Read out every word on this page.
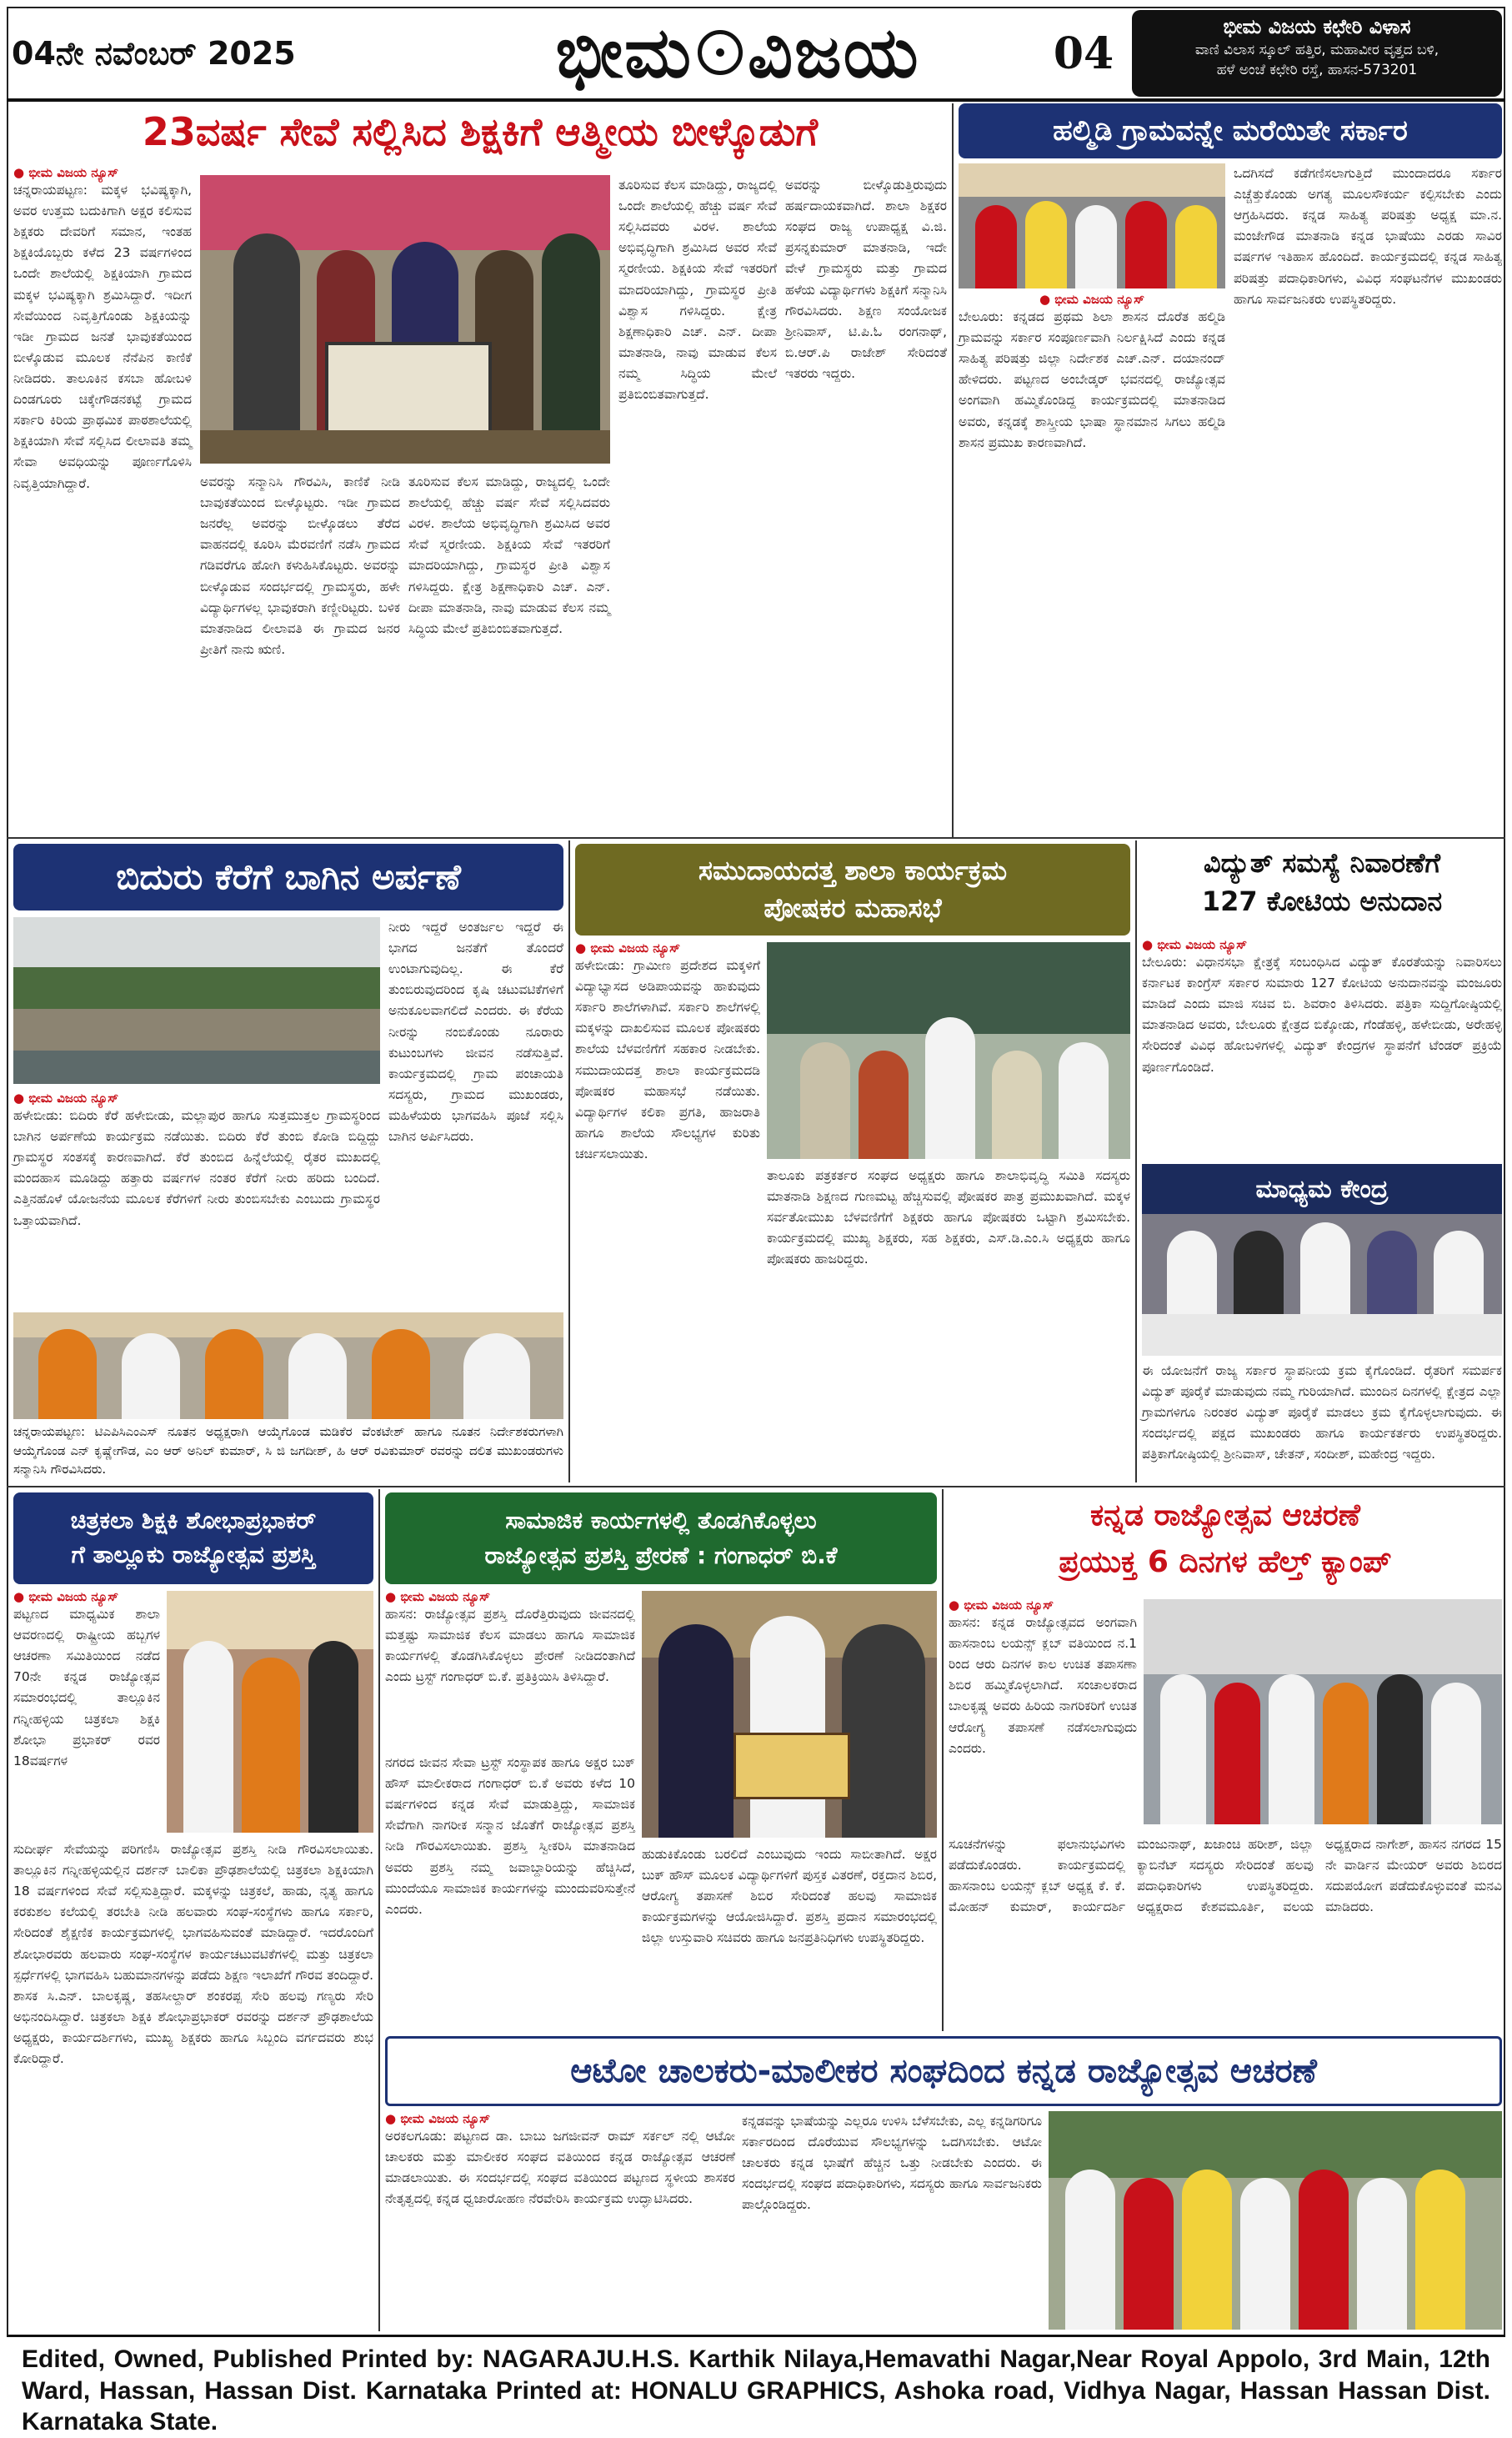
04ನೇ ನವೆಂಬರ್ 2025	ಭೀಮ ವಿಜಯ	04
ಭೀಮ ವಿಜಯ ಕಛೇರಿ ವಿಳಾಸ
ವಾಣಿ ವಿಲಾಸ ಸ್ಕೂಲ್ ಹತ್ತಿರ, ಮಹಾವೀರ ವೃತ್ತದ ಬಳಿ,
ಹಳೆ ಅಂಚೆ ಕಛೇರಿ ರಸ್ತೆ, ಹಾಸನ-573201
23ವರ್ಷ ಸೇವೆ ಸಲ್ಲಿಸಿದ ಶಿಕ್ಷಕಿಗೆ ಆತ್ಮೀಯ ಬೀಳ್ಕೊಡುಗೆ
● ಭೀಮ ವಿಜಯ ನ್ಯೂಸ್
ಚನ್ನರಾಯಪಟ್ಟಣ: ಮಕ್ಕಳ ಭವಿಷ್ಯಕ್ಕಾಗಿ, ಅವರ ಉತ್ತಮ ಬದುಕಿಗಾಗಿ ಅಕ್ಷರ ಕಲಿಸುವ ಶಿಕ್ಷಕರು ದೇವರಿಗೆ ಸಮಾನ, ಇಂತಹ ಶಿಕ್ಷಕಿಯೊಬ್ಬರು ಕಳೆದ 23 ವರ್ಷಗಳಿಂದ ಒಂದೇ ಶಾಲೆಯಲ್ಲಿ ಶಿಕ್ಷಕಿಯಾಗಿ ಗ್ರಾಮದ ಮಕ್ಕಳ ಭವಿಷ್ಯಕ್ಕಾಗಿ ಶ್ರಮಿಸಿದ್ದಾರೆ. ಇದೀಗ ಸೇವೆಯಿಂದ ನಿವೃತ್ತಿಗೊಂಡು ಶಿಕ್ಷಕಿಯನ್ನು ಇಡೀ ಗ್ರಾಮದ ಜನತೆ ಭಾವುಕತೆಯಿಂದ ಬೀಳ್ಕೊಡುವ ಮೂಲಕ ನೆನೆಪಿನ ಕಾಣಿಕೆ ನೀಡಿದರು. ತಾಲೂಕಿನ ಕಸಬಾ ಹೋಬಳಿ ದಿಂಡಗೂರು ಚಿಕ್ಕೇಗೌಡನಕಟ್ಟೆ ಗ್ರಾಮದ ಸರ್ಕಾರಿ ಕಿರಿಯ ಪ್ರಾಥಮಿಕ ಪಾಠಶಾಲೆಯಲ್ಲಿ ಶಿಕ್ಷಕಿಯಾಗಿ ಸೇವೆ ಸಲ್ಲಿಸಿದ ಲೀಲಾವತಿ ತಮ್ಮ ಸೇವಾ ಅವಧಿಯನ್ನು ಪೂರ್ಣಗೊಳಿಸಿ ನಿವೃತ್ತಿಯಾಗಿದ್ದಾರೆ.	ಅವರನ್ನು ಸನ್ಮಾನಿಸಿ ಗೌರವಿಸಿ, ಕಾಣಿಕೆ ನೀಡಿ ಬಾವುಕತೆಯಿಂದ ಬೀಳ್ಕೊಟ್ಟರು. ಇಡೀ ಗ್ರಾಮದ ಜನರೆಲ್ಲ ಅವರನ್ನು ಬೀಳ್ಕೊಡಲು ತೆರೆದ ವಾಹನದಲ್ಲಿ ಕೂರಿಸಿ ಮೆರವಣಿಗೆ ನಡೆಸಿ ಗ್ರಾಮದ ಗಡಿವರೆಗೂ ಹೋಗಿ ಕಳುಹಿಸಿಕೊಟ್ಟರು. ಅವರನ್ನು ಬೀಳ್ಕೊಡುವ ಸಂದರ್ಭದಲ್ಲಿ ಗ್ರಾಮಸ್ಥರು, ಹಳೇ ವಿದ್ಯಾರ್ಥಿಗಳಲ್ಲ ಭಾವುಕರಾಗಿ ಕಣ್ಣೀರಿಟ್ಟರು. ಬಳಿಕ ಮಾತನಾಡಿದ ಲೀಲಾವತಿ ಈ ಗ್ರಾಮದ ಜನರ ಪ್ರೀತಿಗೆ ನಾನು ಋಣಿ.
ತೂರಿಸುವ ಕೆಲಸ ಮಾಡಿದ್ದು, ರಾಜ್ಯದಲ್ಲಿ ಒಂದೇ ಶಾಲೆಯಲ್ಲಿ ಹೆಚ್ಚು ವರ್ಷ ಸೇವೆ ಸಲ್ಲಿಸಿದವರು ವಿರಳ. ಶಾಲೆಯ ಅಭಿವೃದ್ಧಿಗಾಗಿ ಶ್ರಮಿಸಿದ ಅವರ ಸೇವೆ ಸ್ಮರಣೀಯ. ಶಿಕ್ಷಕಿಯ ಸೇವೆ ಇತರರಿಗೆ ಮಾದರಿಯಾಗಿದ್ದು, ಗ್ರಾಮಸ್ಥರ ಪ್ರೀತಿ ವಿಶ್ವಾಸ ಗಳಿಸಿದ್ದರು. ಕ್ಷೇತ್ರ ಶಿಕ್ಷಣಾಧಿಕಾರಿ ಎಚ್. ಎನ್. ದೀಪಾ ಮಾತನಾಡಿ, ನಾವು ಮಾಡುವ ಕೆಲಸ ನಮ್ಮ ಸಿದ್ಧಿಯ ಮೇಲೆ ಪ್ರತಿಬಿಂಬಿತವಾಗುತ್ತದೆ.
ತೂರಿಸುವ ಕೆಲಸ ಮಾಡಿದ್ದು, ರಾಜ್ಯದಲ್ಲಿ ಒಂದೇ ಶಾಲೆಯಲ್ಲಿ ಹೆಚ್ಚು ವರ್ಷ ಸೇವೆ ಸಲ್ಲಿಸಿದವರು ವಿರಳ. ಶಾಲೆಯ ಅಭಿವೃದ್ಧಿಗಾಗಿ ಶ್ರಮಿಸಿದ ಅವರ ಸೇವೆ ಸ್ಮರಣೀಯ. ಶಿಕ್ಷಕಿಯ ಸೇವೆ ಇತರರಿಗೆ ಮಾದರಿಯಾಗಿದ್ದು, ಗ್ರಾಮಸ್ಥರ ಪ್ರೀತಿ ವಿಶ್ವಾಸ ಗಳಿಸಿದ್ದರು. ಕ್ಷೇತ್ರ ಶಿಕ್ಷಣಾಧಿಕಾರಿ ಎಚ್. ಎನ್. ದೀಪಾ ಮಾತನಾಡಿ, ನಾವು ಮಾಡುವ ಕೆಲಸ ನಮ್ಮ ಸಿದ್ಧಿಯ ಮೇಲೆ ಪ್ರತಿಬಿಂಬಿತವಾಗುತ್ತದೆ.
ಅವರನ್ನು ಬೀಳ್ಕೊಡುತ್ತಿರುವುದು ಹರ್ಷದಾಯಕವಾಗಿದೆ. ಶಾಲಾ ಶಿಕ್ಷಕರ ಸಂಘದ ರಾಜ್ಯ ಉಪಾಧ್ಯಕ್ಷ ವಿ.ಜಿ. ಪ್ರಸನ್ನಕುಮಾರ್ ಮಾತನಾಡಿ, ಇದೇ ವೇಳೆ ಗ್ರಾಮಸ್ಥರು ಮತ್ತು ಗ್ರಾಮದ ಹಳೆಯ ವಿದ್ಯಾರ್ಥಿಗಳು ಶಿಕ್ಷಕಿಗೆ ಸನ್ಮಾನಿಸಿ ಗೌರವಿಸಿದರು. ಶಿಕ್ಷಣ ಸಂಯೋಜಕ ಶ್ರೀನಿವಾಸ್, ಟಿ.ಪಿ.ಓ ರಂಗನಾಥ್, ಬಿ.ಆರ್.ಪಿ ರಾಜೇಶ್ ಸೇರಿದಂತೆ ಇತರರು ಇದ್ದರು.
ಹಲ್ಮಿಡಿ ಗ್ರಾಮವನ್ನೇ ಮರೆಯಿತೇ ಸರ್ಕಾರ
● ಭೀಮ ವಿಜಯ ನ್ಯೂಸ್
ಬೇಲೂರು: ಕನ್ನಡದ ಪ್ರಥಮ ಶಿಲಾ ಶಾಸನ ದೊರೆತ ಹಲ್ಮಿಡಿ ಗ್ರಾಮವನ್ನು ಸರ್ಕಾರ ಸಂಪೂರ್ಣವಾಗಿ ನಿರ್ಲಕ್ಷಿಸಿದೆ ಎಂದು ಕನ್ನಡ ಸಾಹಿತ್ಯ ಪರಿಷತ್ತು ಜಿಲ್ಲಾ ನಿರ್ದೇಶಕ ಎಚ್.ಎನ್. ದಯಾನಂದ್ ಹೇಳಿದರು. ಪಟ್ಟಣದ ಅಂಬೇಡ್ಕರ್ ಭವನದಲ್ಲಿ ರಾಜ್ಯೋತ್ಸವ ಅಂಗವಾಗಿ ಹಮ್ಮಿಕೊಂಡಿದ್ದ ಕಾರ್ಯಕ್ರಮದಲ್ಲಿ ಮಾತನಾಡಿದ ಅವರು, ಕನ್ನಡಕ್ಕೆ ಶಾಸ್ತ್ರೀಯ ಭಾಷಾ ಸ್ಥಾನಮಾನ ಸಿಗಲು ಹಲ್ಮಿಡಿ ಶಾಸನ ಪ್ರಮುಖ ಕಾರಣವಾಗಿದೆ.
ಒದಗಿಸದೆ ಕಡೆಗಣಿಸಲಾಗುತ್ತಿದೆ ಮುಂದಾದರೂ ಸರ್ಕಾರ ಎಚ್ಚೆತ್ತುಕೊಂಡು ಅಗತ್ಯ ಮೂಲಸೌಕರ್ಯ ಕಲ್ಪಿಸಬೇಕು ಎಂದು ಆಗ್ರಹಿಸಿದರು. ಕನ್ನಡ ಸಾಹಿತ್ಯ ಪರಿಷತ್ತು ಅಧ್ಯಕ್ಷ ಮಾ.ನ. ಮಂಜೇಗೌಡ ಮಾತನಾಡಿ ಕನ್ನಡ ಭಾಷೆಯು ಎರಡು ಸಾವಿರ ವರ್ಷಗಳ ಇತಿಹಾಸ ಹೊಂದಿದೆ. ಕಾರ್ಯಕ್ರಮದಲ್ಲಿ ಕನ್ನಡ ಸಾಹಿತ್ಯ ಪರಿಷತ್ತು ಪದಾಧಿಕಾರಿಗಳು, ವಿವಿಧ ಸಂಘಟನೆಗಳ ಮುಖಂಡರು ಹಾಗೂ ಸಾರ್ವಜನಿಕರು ಉಪಸ್ಥಿತರಿದ್ದರು.
ಬಿದುರು ಕೆರೆಗೆ ಬಾಗಿನ ಅರ್ಪಣೆ
● ಭೀಮ ವಿಜಯ ನ್ಯೂಸ್
ಹಳೇಬೀಡು: ಬಿದಿರು ಕೆರೆ ಹಳೇಬೀಡು, ಮಲ್ಲಾಪುರ ಹಾಗೂ ಸುತ್ತಮುತ್ತಲ ಗ್ರಾಮಸ್ಥರಿಂದ ಬಾಗಿನ ಅರ್ಪಣೆಯ ಕಾರ್ಯಕ್ರಮ ನಡೆಯಿತು. ಬಿದಿರು ಕೆರೆ ತುಂಬಿ ಕೋಡಿ ಬಿದ್ದಿದ್ದು ಗ್ರಾಮಸ್ಥರ ಸಂತಸಕ್ಕೆ ಕಾರಣವಾಗಿದೆ. ಕೆರೆ ತುಂಬಿದ ಹಿನ್ನೆಲೆಯಲ್ಲಿ ರೈತರ ಮುಖದಲ್ಲಿ ಮಂದಹಾಸ ಮೂಡಿದ್ದು ಹತ್ತಾರು ವರ್ಷಗಳ ನಂತರ ಕೆರೆಗೆ ನೀರು ಹರಿದು ಬಂದಿದೆ. ಎತ್ತಿನಹೊಳೆ ಯೋಜನೆಯ ಮೂಲಕ ಕೆರೆಗಳಿಗೆ ನೀರು ತುಂಬಿಸಬೇಕು ಎಂಬುದು ಗ್ರಾಮಸ್ಥರ ಒತ್ತಾಯವಾಗಿದೆ.
ನೀರು ಇದ್ದರೆ ಅಂತರ್ಜಲ ಇದ್ದರೆ ಈ ಭಾಗದ ಜನತೆಗೆ ತೊಂದರೆ ಉಂಟಾಗುವುದಿಲ್ಲ. ಈ ಕೆರೆ ತುಂಬಿರುವುದರಿಂದ ಕೃಷಿ ಚಟುವಟಿಕೆಗಳಿಗೆ ಅನುಕೂಲವಾಗಲಿದೆ ಎಂದರು. ಈ ಕೆರೆಯ ನೀರನ್ನು ನಂಬಿಕೊಂಡು ನೂರಾರು ಕುಟುಂಬಗಳು ಜೀವನ ನಡೆಸುತ್ತಿವೆ. ಕಾರ್ಯಕ್ರಮದಲ್ಲಿ ಗ್ರಾಮ ಪಂಚಾಯತಿ ಸದಸ್ಯರು, ಗ್ರಾಮದ ಮುಖಂಡರು, ಮಹಿಳೆಯರು ಭಾಗವಹಿಸಿ ಪೂಜೆ ಸಲ್ಲಿಸಿ ಬಾಗಿನ ಅರ್ಪಿಸಿದರು.
ಚನ್ನರಾಯಪಟ್ಟಣ: ಟಿಎಪಿಸಿಎಂಎಸ್ ನೂತನ ಅಧ್ಯಕ್ಷರಾಗಿ ಆಯ್ಕೆಗೊಂಡ ಮಡಿಕೆರ ವೆಂಕಟೇಶ್ ಹಾಗೂ ನೂತನ ನಿರ್ದೇಶಕರುಗಳಾಗಿ ಆಯ್ಕೆಗೊಂಡ ಎನ್ ಕೃಷ್ಣೇಗೌಡ, ಎಂ ಆರ್ ಅನಿಲ್ ಕುಮಾರ್, ಸಿ ಜಿ ಜಗದೀಶ್, ಹಿ ಆರ್ ರವಿಕುಮಾರ್ ರವರನ್ನು ದಲಿತ ಮುಖಂಡರುಗಳು ಸನ್ಮಾನಿಸಿ ಗೌರವಿಸಿದರು.
ಸಮುದಾಯದತ್ತ ಶಾಲಾ ಕಾರ್ಯಕ್ರಮ
ಪೋಷಕರ ಮಹಾಸಭೆ
● ಭೀಮ ವಿಜಯ ನ್ಯೂಸ್
ಹಳೇಬೀಡು: ಗ್ರಾಮೀಣ ಪ್ರದೇಶದ ಮಕ್ಕಳಿಗೆ ವಿದ್ಯಾಭ್ಯಾಸದ ಅಡಿಪಾಯವನ್ನು ಹಾಕುವುದು ಸರ್ಕಾರಿ ಶಾಲೆಗಳಾಗಿವೆ. ಸರ್ಕಾರಿ ಶಾಲೆಗಳಲ್ಲಿ ಮಕ್ಕಳನ್ನು ದಾಖಲಿಸುವ ಮೂಲಕ ಪೋಷಕರು ಶಾಲೆಯ ಬೆಳವಣಿಗೆಗೆ ಸಹಕಾರ ನೀಡಬೇಕು. ಸಮುದಾಯದತ್ತ ಶಾಲಾ ಕಾರ್ಯಕ್ರಮದಡಿ ಪೋಷಕರ ಮಹಾಸಭೆ ನಡೆಯಿತು. ವಿದ್ಯಾರ್ಥಿಗಳ ಕಲಿಕಾ ಪ್ರಗತಿ, ಹಾಜರಾತಿ ಹಾಗೂ ಶಾಲೆಯ ಸೌಲಭ್ಯಗಳ ಕುರಿತು ಚರ್ಚಿಸಲಾಯಿತು.
ತಾಲೂಕು ಪತ್ರಕರ್ತರ ಸಂಘದ ಅಧ್ಯಕ್ಷರು ಹಾಗೂ ಶಾಲಾಭಿವೃದ್ಧಿ ಸಮಿತಿ ಸದಸ್ಯರು ಮಾತನಾಡಿ ಶಿಕ್ಷಣದ ಗುಣಮಟ್ಟ ಹೆಚ್ಚಿಸುವಲ್ಲಿ ಪೋಷಕರ ಪಾತ್ರ ಪ್ರಮುಖವಾಗಿದೆ. ಮಕ್ಕಳ ಸರ್ವತೋಮುಖ ಬೆಳವಣಿಗೆಗೆ ಶಿಕ್ಷಕರು ಹಾಗೂ ಪೋಷಕರು ಒಟ್ಟಾಗಿ ಶ್ರಮಿಸಬೇಕು. ಕಾರ್ಯಕ್ರಮದಲ್ಲಿ ಮುಖ್ಯ ಶಿಕ್ಷಕರು, ಸಹ ಶಿಕ್ಷಕರು, ಎಸ್.ಡಿ.ಎಂ.ಸಿ ಅಧ್ಯಕ್ಷರು ಹಾಗೂ ಪೋಷಕರು ಹಾಜರಿದ್ದರು.
ವಿದ್ಯುತ್ ಸಮಸ್ಯೆ ನಿವಾರಣೆಗೆ
127 ಕೋಟಿಯ ಅನುದಾನ
● ಭೀಮ ವಿಜಯ ನ್ಯೂಸ್
ಬೇಲೂರು: ವಿಧಾನಸಭಾ ಕ್ಷೇತ್ರಕ್ಕೆ ಸಂಬಂಧಿಸಿದ ವಿದ್ಯುತ್ ಕೊರತೆಯನ್ನು ನಿವಾರಿಸಲು ಕರ್ನಾಟಕ ಕಾಂಗ್ರೆಸ್ ಸರ್ಕಾರ ಸುಮಾರು 127 ಕೋಟಿಯ ಅನುದಾನವನ್ನು ಮಂಜೂರು ಮಾಡಿದೆ ಎಂದು ಮಾಜಿ ಸಚಿವ ಬಿ. ಶಿವರಾಂ ತಿಳಿಸಿದರು. ಪತ್ರಿಕಾ ಸುದ್ದಿಗೋಷ್ಠಿಯಲ್ಲಿ ಮಾತನಾಡಿದ ಅವರು, ಬೇಲೂರು ಕ್ಷೇತ್ರದ ಬಿಕ್ಕೋಡು, ಗೆಂಡೆಹಳ್ಳಿ, ಹಳೇಬೀಡು, ಅರೇಹಳ್ಳಿ ಸೇರಿದಂತೆ ವಿವಿಧ ಹೋಬಳಿಗಳಲ್ಲಿ ವಿದ್ಯುತ್ ಕೇಂದ್ರಗಳ ಸ್ಥಾಪನೆಗೆ ಟೆಂಡರ್ ಪ್ರಕ್ರಿಯೆ ಪೂರ್ಣಗೊಂಡಿದೆ.
ಮಾಧ್ಯಮ ಕೇಂದ್ರ
ಈ ಯೋಜನೆಗೆ ರಾಜ್ಯ ಸರ್ಕಾರ ಸ್ಥಾಪನೀಯ ಕ್ರಮ ಕೈಗೊಂಡಿದೆ. ರೈತರಿಗೆ ಸಮರ್ಪಕ ವಿದ್ಯುತ್ ಪೂರೈಕೆ ಮಾಡುವುದು ನಮ್ಮ ಗುರಿಯಾಗಿದೆ. ಮುಂದಿನ ದಿನಗಳಲ್ಲಿ ಕ್ಷೇತ್ರದ ಎಲ್ಲಾ ಗ್ರಾಮಗಳಿಗೂ ನಿರಂತರ ವಿದ್ಯುತ್ ಪೂರೈಕೆ ಮಾಡಲು ಕ್ರಮ ಕೈಗೊಳ್ಳಲಾಗುವುದು. ಈ ಸಂದರ್ಭದಲ್ಲಿ ಪಕ್ಷದ ಮುಖಂಡರು ಹಾಗೂ ಕಾರ್ಯಕರ್ತರು ಉಪಸ್ಥಿತರಿದ್ದರು. ಪತ್ರಿಕಾಗೋಷ್ಠಿಯಲ್ಲಿ ಶ್ರೀನಿವಾಸ್, ಚೇತನ್, ಸಂದೀಶ್, ಮಹೇಂದ್ರ ಇದ್ದರು.
ಚಿತ್ರಕಲಾ ಶಿಕ್ಷಕಿ ಶೋಭಾಪ್ರಭಾಕರ್
ಗೆ ತಾಲ್ಲೂಕು ರಾಜ್ಯೋತ್ಸವ ಪ್ರಶಸ್ತಿ
● ಭೀಮ ವಿಜಯ ನ್ಯೂಸ್
ಪಟ್ಟಣದ ಮಾಧ್ಯಮಿಕ ಶಾಲಾ ಆವರಣದಲ್ಲಿ ರಾಷ್ಟ್ರೀಯ ಹಬ್ಬಗಳ ಆಚರಣಾ ಸಮಿತಿಯಿಂದ ನಡೆದ 70ನೇ ಕನ್ನಡ ರಾಜ್ಯೋತ್ಸವ ಸಮಾರಂಭದಲ್ಲಿ ತಾಲ್ಲೂಕಿನ ಗನ್ನೀಹಳ್ಳಿಯ ಚಿತ್ರಕಲಾ ಶಿಕ್ಷಕಿ ಶೋಭಾ ಪ್ರಭಾಕರ್ ರವರ 18ವರ್ಷಗಳ
ಸುದೀರ್ಘ ಸೇವೆಯನ್ನು ಪರಿಗಣಿಸಿ ರಾಜ್ಯೋತ್ಸವ ಪ್ರಶಸ್ತಿ ನೀಡಿ ಗೌರವಿಸಲಾಯಿತು. ತಾಲ್ಲೂಕಿನ ಗನ್ನೀಹಳ್ಳಿಯಲ್ಲಿನ ದರ್ಶನ್ ಬಾಲಿಕಾ ಪ್ರೌಢಶಾಲೆಯಲ್ಲಿ ಚಿತ್ರಕಲಾ ಶಿಕ್ಷಕಿಯಾಗಿ 18 ವರ್ಷಗಳಿಂದ ಸೇವೆ ಸಲ್ಲಿಸುತ್ತಿದ್ದಾರೆ. ಮಕ್ಕಳನ್ನು ಚಿತ್ರಕಲೆ, ಹಾಡು, ನೃತ್ಯ ಹಾಗೂ ಕರಕುಶಲ ಕಲೆಯಲ್ಲಿ ತರಬೇತಿ ನೀಡಿ ಹಲವಾರು ಸಂಘ-ಸಂಸ್ಥೆಗಳು ಹಾಗೂ ಸರ್ಕಾರಿ, ಸೇರಿದಂತೆ ಶೈಕ್ಷಣಿಕ ಕಾರ್ಯಕ್ರಮಗಳಲ್ಲಿ ಭಾಗವಹಿಸುವಂತೆ ಮಾಡಿದ್ದಾರೆ. ಇದರೊಂದಿಗೆ ಶೋಭಾರವರು ಹಲವಾರು ಸಂಘ-ಸಂಸ್ಥೆಗಳ ಕಾರ್ಯಚಟುವಟಿಕೆಗಳಲ್ಲಿ ಮತ್ತು ಚಿತ್ರಕಲಾ ಸ್ಪರ್ಧೆಗಳಲ್ಲಿ ಭಾಗವಹಿಸಿ ಬಹುಮಾನಗಳನ್ನು ಪಡೆದು ಶಿಕ್ಷಣ ಇಲಾಖೆಗೆ ಗೌರವ ತಂದಿದ್ದಾರೆ. ಶಾಸಕ ಸಿ.ಎನ್. ಬಾಲಕೃಷ್ಣ, ತಹಸೀಲ್ದಾರ್ ಶಂಕರಪ್ಪ ಸೇರಿ ಹಲವು ಗಣ್ಯರು ಸೇರಿ ಅಭಿನಂದಿಸಿದ್ದಾರೆ. ಚಿತ್ರಕಲಾ ಶಿಕ್ಷಕಿ ಶೋಭಾಪ್ರಭಾಕರ್‌ ರವರನ್ನು ದರ್ಶನ್ ಪ್ರೌಢಶಾಲೆಯ ಅಧ್ಯಕ್ಷರು, ಕಾರ್ಯದರ್ಶಿಗಳು, ಮುಖ್ಯ ಶಿಕ್ಷಕರು ಹಾಗೂ ಸಿಬ್ಬಂದಿ ವರ್ಗದವರು ಶುಭ ಕೋರಿದ್ದಾರೆ.
ಸಾಮಾಜಿಕ ಕಾರ್ಯಗಳಲ್ಲಿ ತೊಡಗಿಕೊಳ್ಳಲು
ರಾಜ್ಯೋತ್ಸವ ಪ್ರಶಸ್ತಿ ಪ್ರೇರಣೆ : ಗಂಗಾಧರ್ ಬಿ.ಕೆ
● ಭೀಮ ವಿಜಯ ನ್ಯೂಸ್
ಹಾಸನ: ರಾಜ್ಯೋತ್ಸವ ಪ್ರಶಸ್ತಿ ದೊರೆತ್ತಿರುವುದು ಜೀವನದಲ್ಲಿ ಮತ್ತಷ್ಟು ಸಾಮಾಜಿಕ ಕೆಲಸ ಮಾಡಲು ಹಾಗೂ ಸಾಮಾಜಿಕ ಕಾರ್ಯಗಳಲ್ಲಿ ತೊಡಗಿಸಿಕೊಳ್ಳಲು ಪ್ರೇರಣೆ ನೀಡಿದಂತಾಗಿದೆ ಎಂದು ಟ್ರಸ್ಟ್ ಗಂಗಾಧರ್ ಬಿ.ಕೆ. ಪ್ರತಿಕ್ರಿಯಿಸಿ ತಿಳಿಸಿದ್ದಾರೆ.
ನಗರದ ಜೀವನ ಸೇವಾ ಟ್ರಸ್ಟ್ ಸಂಸ್ಥಾಪಕ ಹಾಗೂ ಅಕ್ಷರ ಬುಕ್ ಹೌಸ್ ಮಾಲೀಕರಾದ ಗಂಗಾಧರ್ ಬಿ.ಕೆ ಅವರು ಕಳೆದ 10 ವರ್ಷಗಳಿಂದ ಕನ್ನಡ ಸೇವೆ ಮಾಡುತ್ತಿದ್ದು, ಸಾಮಾಜಿಕ ಸೇವೆಗಾಗಿ ನಾಗರೀಕ ಸನ್ಮಾನ ಜೊತೆಗೆ ರಾಜ್ಯೋತ್ಸವ ಪ್ರಶಸ್ತಿ ನೀಡಿ ಗೌರವಿಸಲಾಯಿತು. ಪ್ರಶಸ್ತಿ ಸ್ವೀಕರಿಸಿ ಮಾತನಾಡಿದ ಅವರು ಪ್ರಶಸ್ತಿ ನಮ್ಮ ಜವಾಬ್ದಾರಿಯನ್ನು ಹೆಚ್ಚಿಸಿದೆ, ಮುಂದೆಯೂ ಸಾಮಾಜಿಕ ಕಾರ್ಯಗಳನ್ನು ಮುಂದುವರಿಸುತ್ತೇನೆ ಎಂದರು.
ಹುಡುಕಿಕೊಂಡು ಬರಲಿದೆ ಎಂಬುವುದು ಇಂದು ಸಾಬೀತಾಗಿದೆ. ಅಕ್ಷರ ಬುಕ್ ಹೌಸ್ ಮೂಲಕ ವಿದ್ಯಾರ್ಥಿಗಳಿಗೆ ಪುಸ್ತಕ ವಿತರಣೆ, ರಕ್ತದಾನ ಶಿಬಿರ, ಆರೋಗ್ಯ ತಪಾಸಣೆ ಶಿಬಿರ ಸೇರಿದಂತೆ ಹಲವು ಸಾಮಾಜಿಕ ಕಾರ್ಯಕ್ರಮಗಳನ್ನು ಆಯೋಜಿಸಿದ್ದಾರೆ. ಪ್ರಶಸ್ತಿ ಪ್ರದಾನ ಸಮಾರಂಭದಲ್ಲಿ ಜಿಲ್ಲಾ ಉಸ್ತುವಾರಿ ಸಚಿವರು ಹಾಗೂ ಜನಪ್ರತಿನಿಧಿಗಳು ಉಪಸ್ಥಿತರಿದ್ದರು.
ಕನ್ನಡ ರಾಜ್ಯೋತ್ಸವ ಆಚರಣೆ
ಪ್ರಯುಕ್ತ 6 ದಿನಗಳ ಹೆಲ್ತ್ ಕ್ಯಾಂಪ್
● ಭೀಮ ವಿಜಯ ನ್ಯೂಸ್
ಹಾಸನ: ಕನ್ನಡ ರಾಜ್ಯೋತ್ಸವದ ಅಂಗವಾಗಿ ಹಾಸನಾಂಬ ಲಯನ್ಸ್ ಕ್ಲಬ್ ವತಿಯಿಂದ ನ.1 ರಿಂದ ಆರು ದಿನಗಳ ಕಾಲ ಉಚಿತ ತಪಾಸಣಾ ಶಿಬಿರ ಹಮ್ಮಿಕೊಳ್ಳಲಾಗಿದೆ. ಸಂಚಾಲಕರಾದ ಬಾಲಕೃಷ್ಣ ಅವರು ಹಿರಿಯ ನಾಗರಿಕರಿಗೆ ಉಚಿತ ಆರೋಗ್ಯ ತಪಾಸಣೆ ನಡೆಸಲಾಗುವುದು ಎಂದರು.
ಸೂಚನೆಗಳನ್ನು ಫಲಾನುಭವಿಗಳು ಪಡೆದುಕೊಂಡರು. ಕಾರ್ಯಕ್ರಮದಲ್ಲಿ ಹಾಸನಾಂಬ ಲಯನ್ಸ್ ಕ್ಲಬ್ ಅಧ್ಯಕ್ಷ ಕೆ. ಕೆ. ಮೋಹನ್ ಕುಮಾರ್, ಕಾರ್ಯದರ್ಶಿ ಮಂಜುನಾಥ್, ಖಜಾಂಚಿ ಹರೀಶ್, ಜಿಲ್ಲಾ ಕ್ಯಾಬಿನೆಟ್ ಸದಸ್ಯರು ಸೇರಿದಂತೆ ಹಲವು ಪದಾಧಿಕಾರಿಗಳು ಉಪಸ್ಥಿತರಿದ್ದರು. ಅಧ್ಯಕ್ಷರಾದ ಕೇಶವಮೂರ್ತಿ, ವಲಯ ಅಧ್ಯಕ್ಷರಾದ ನಾಗೇಶ್, ಹಾಸನ ನಗರದ 15 ನೇ ವಾರ್ಡಿನ ಮೇಯರ್ ಅವರು ಶಿಬಿರದ ಸದುಪಯೋಗ ಪಡೆದುಕೊಳ್ಳುವಂತೆ ಮನವಿ ಮಾಡಿದರು.
ಆಟೋ ಚಾಲಕರು-ಮಾಲೀಕರ ಸಂಘದಿಂದ ಕನ್ನಡ ರಾಜ್ಯೋತ್ಸವ ಆಚರಣೆ
● ಭೀಮ ವಿಜಯ ನ್ಯೂಸ್
ಅರಕಲಗೂಡು: ಪಟ್ಟಣದ ಡಾ. ಬಾಬು ಜಗಜೀವನ್ ರಾಮ್ ಸರ್ಕಲ್ ನಲ್ಲಿ ಆಟೋ ಚಾಲಕರು ಮತ್ತು ಮಾಲೀಕರ ಸಂಘದ ವತಿಯಿಂದ ಕನ್ನಡ ರಾಜ್ಯೋತ್ಸವ ಆಚರಣೆ ಮಾಡಲಾಯಿತು. ಈ ಸಂದರ್ಭದಲ್ಲಿ ಸಂಘದ ವತಿಯಿಂದ ಪಟ್ಟಣದ ಸ್ಥಳೀಯ ಶಾಸಕರ ನೇತೃತ್ವದಲ್ಲಿ ಕನ್ನಡ ಧ್ವಜಾರೋಹಣ ನೆರವೇರಿಸಿ ಕಾರ್ಯಕ್ರಮ ಉದ್ಘಾಟಿಸಿದರು.
ಕನ್ನಡವನ್ನು ಭಾಷೆಯನ್ನು ಎಲ್ಲರೂ ಉಳಿಸಿ ಬೆಳೆಸಬೇಕು, ಎಲ್ಲ ಕನ್ನಡಿಗರಿಗೂ ಸರ್ಕಾರದಿಂದ ದೊರೆಯುವ ಸೌಲಭ್ಯಗಳನ್ನು ಒದಗಿಸಬೇಕು. ಆಟೋ ಚಾಲಕರು ಕನ್ನಡ ಭಾಷೆಗೆ ಹೆಚ್ಚಿನ ಒತ್ತು ನೀಡಬೇಕು ಎಂದರು. ಈ ಸಂದರ್ಭದಲ್ಲಿ ಸಂಘದ ಪದಾಧಿಕಾರಿಗಳು, ಸದಸ್ಯರು ಹಾಗೂ ಸಾರ್ವಜನಿಕರು ಪಾಲ್ಗೊಂಡಿದ್ದರು.
Edited, Owned, Published Printed by: NAGARAJU.H.S. Karthik Nilaya,Hemavathi Nagar,Near Royal Appolo, 3rd Main, 12th Ward, Hassan, Hassan Dist. Karnataka Printed at: HONALU GRAPHICS, Ashoka road, Vidhya Nagar, Hassan Hassan Dist. Karnataka State.
